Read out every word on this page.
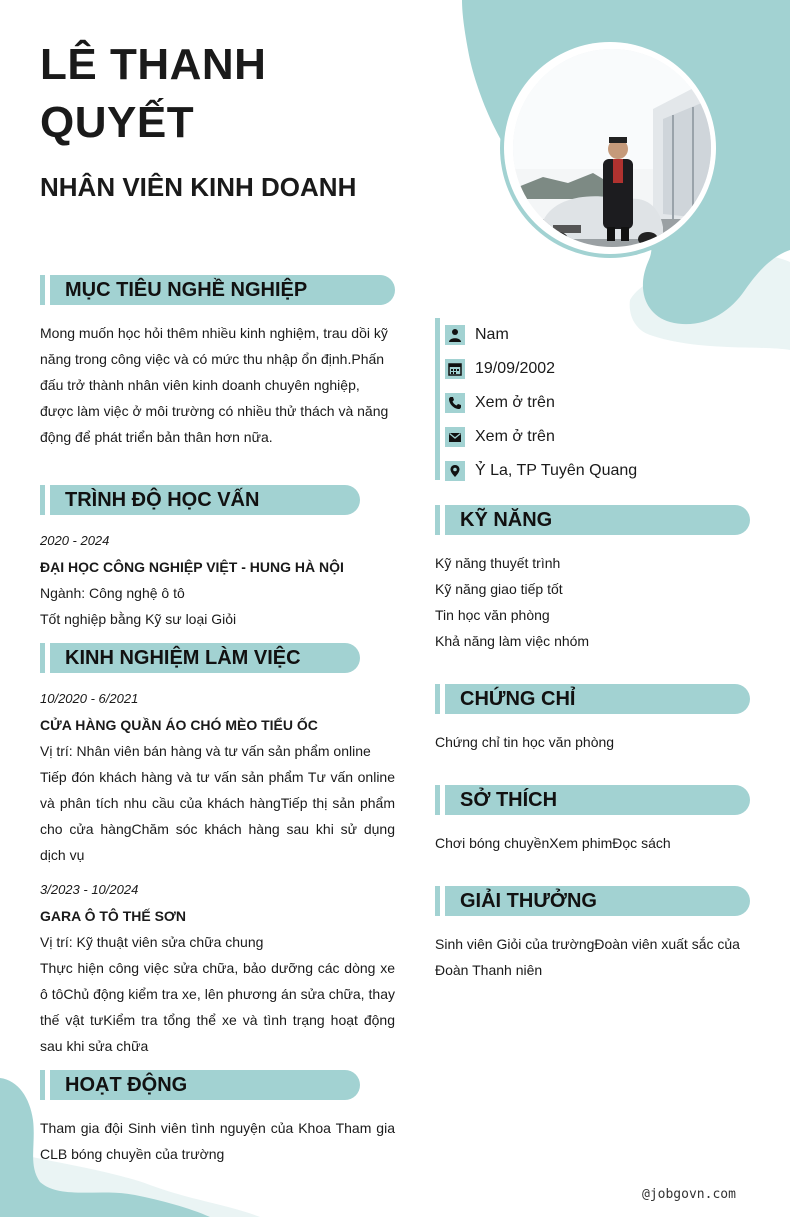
LÊ THANH
QUYẾT
NHÂN VIÊN KINH DOANH
MỤC TIÊU NGHỀ NGHIỆP
Mong muốn học hỏi thêm nhiều kinh nghiệm, trau dồi kỹ năng trong công việc và có mức thu nhập ổn định.Phấn đấu trở thành nhân viên kinh doanh chuyên nghiệp, được làm việc ở môi trường có nhiều thử thách và năng động để phát triển bản thân hơn nữa.
TRÌNH ĐỘ HỌC VẤN
2020 - 2024
ĐẠI HỌC CÔNG NGHIỆP VIỆT - HUNG HÀ NỘI
Ngành: Công nghệ ô tô
Tốt nghiệp bằng Kỹ sư loại Giỏi
KINH NGHIỆM LÀM VIỆC
10/2020 - 6/2021
CỬA HÀNG QUẦN ÁO CHÓ MÈO TIỂU ỐC
Vị trí: Nhân viên bán hàng và tư vấn sản phẩm online
Tiếp đón khách hàng và tư vấn sản phẩm Tư vấn online và phân tích nhu cầu của khách hàngTiếp thị sản phẩm cho cửa hàngChăm sóc khách hàng sau khi sử dụng dịch vụ
3/2023 - 10/2024
GARA Ô TÔ THẾ SƠN
Vị trí: Kỹ thuật viên sửa chữa chung
Thực hiện công việc sửa chữa, bảo dưỡng các dòng xe ô tôChủ động kiểm tra xe, lên phương án sửa chữa, thay thế vật tưKiểm tra tổng thể xe và tình trạng hoạt động sau khi sửa chữa
HOẠT ĐỘNG
Tham gia đội Sinh viên tình nguyện của Khoa Tham gia CLB bóng chuyền của trường
Nam
19/09/2002
Xem ở trên
Xem ở trên
Ỷ La, TP Tuyên Quang
KỸ NĂNG
Kỹ năng thuyết trình
Kỹ năng giao tiếp tốt
Tin học văn phòng
Khả năng làm việc nhóm
CHỨNG CHỈ
Chứng chỉ tin học văn phòng
SỞ THÍCH
Chơi bóng chuyềnXem phimĐọc sách
GIẢI THƯỞNG
Sinh viên Giỏi của trườngĐoàn viên xuất sắc của Đoàn Thanh niên
@jobgovn.com
